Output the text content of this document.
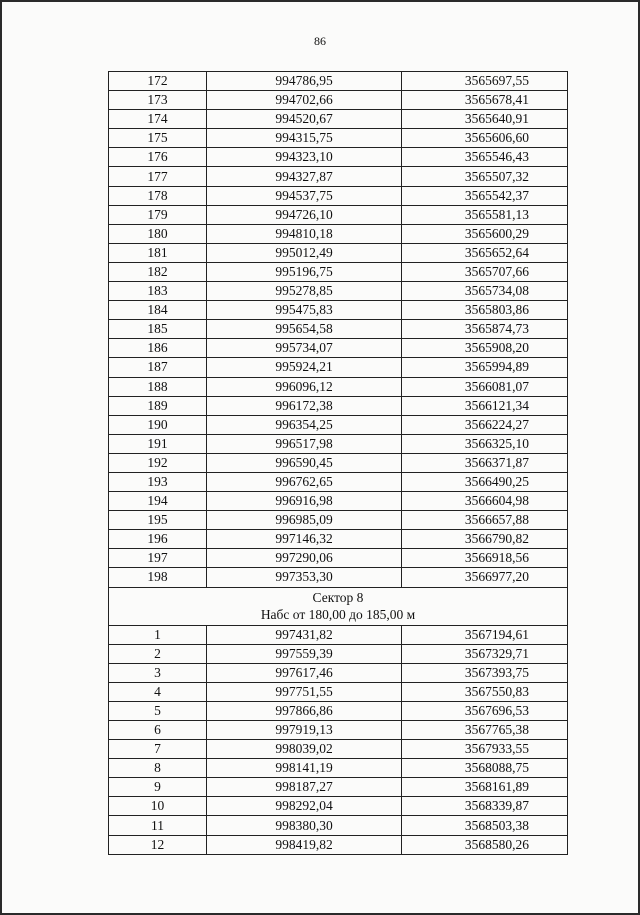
86
172	994786,95	3565697,55
173	994702,66	3565678,41
174	994520,67	3565640,91
175	994315,75	3565606,60
176	994323,10	3565546,43
177	994327,87	3565507,32
178	994537,75	3565542,37
179	994726,10	3565581,13
180	994810,18	3565600,29
181	995012,49	3565652,64
182	995196,75	3565707,66
183	995278,85	3565734,08
184	995475,83	3565803,86
185	995654,58	3565874,73
186	995734,07	3565908,20
187	995924,21	3565994,89
188	996096,12	3566081,07
189	996172,38	3566121,34
190	996354,25	3566224,27
191	996517,98	3566325,10
192	996590,45	3566371,87
193	996762,65	3566490,25
194	996916,98	3566604,98
195	996985,09	3566657,88
196	997146,32	3566790,82
197	997290,06	3566918,56
198	997353,30	3566977,20

Сектор 8
Набс от 180,00 до 185,00 м		

1	997431,82	3567194,61
2	997559,39	3567329,71
3	997617,46	3567393,75
4	997751,55	3567550,83
5	997866,86	3567696,53
6	997919,13	3567765,38
7	998039,02	3567933,55
8	998141,19	3568088,75
9	998187,27	3568161,89
10	998292,04	3568339,87
11	998380,30	3568503,38
12	998419,82	3568580,26
